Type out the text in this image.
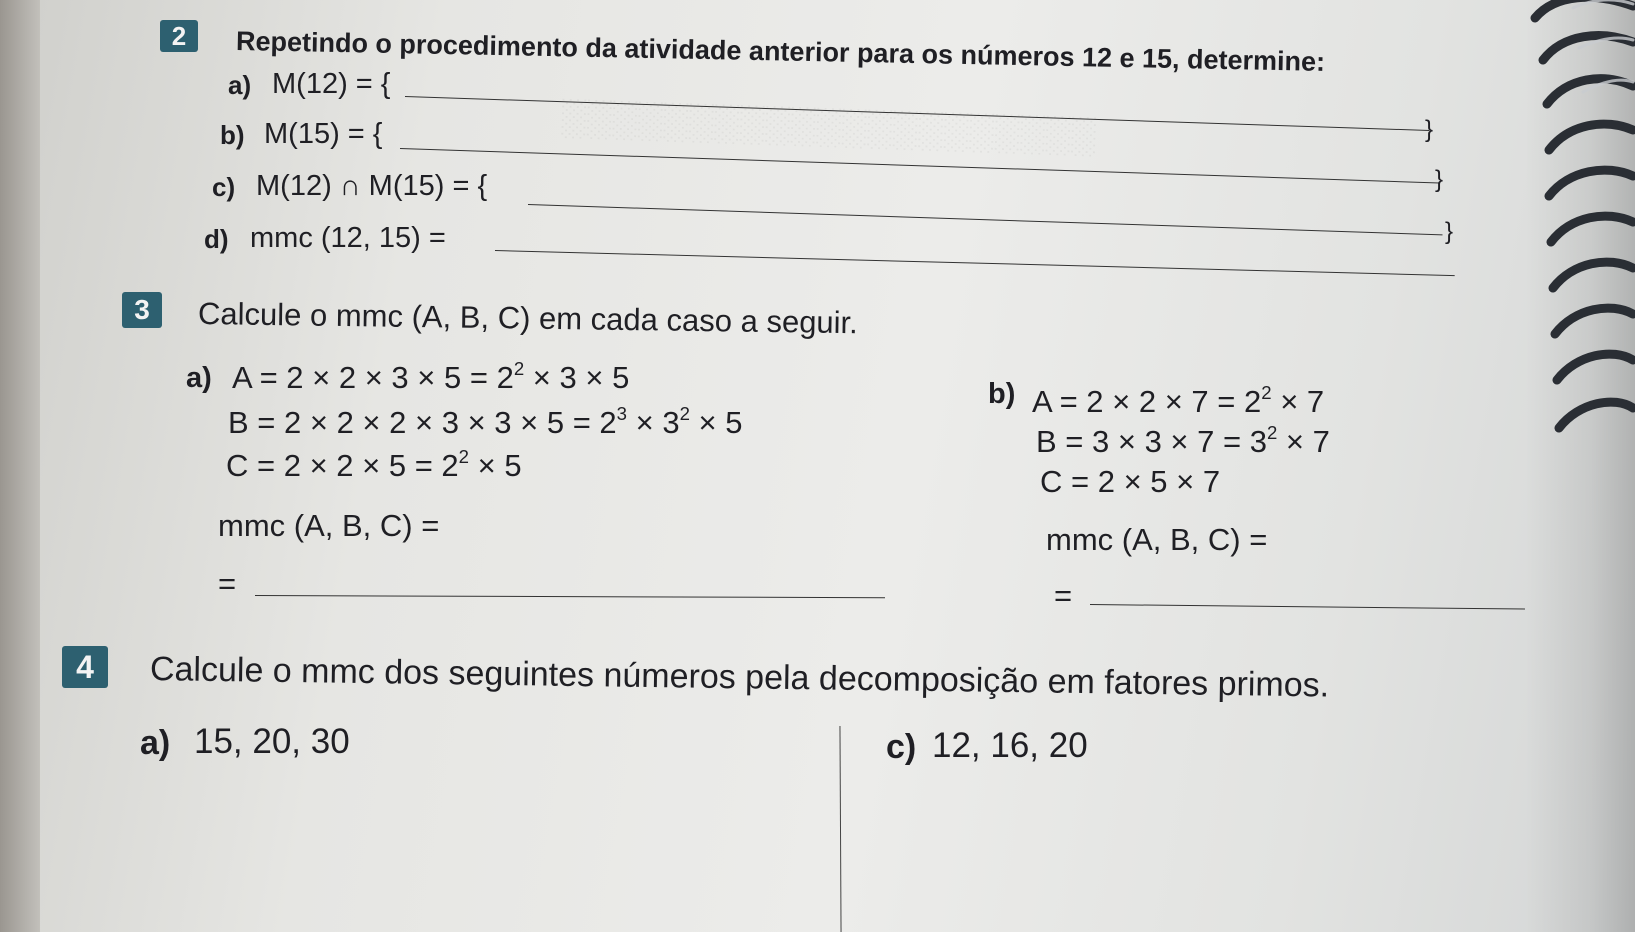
░░░░░░░░░░░░░░░░░░░░░
2	Repetindo o procedimento da atividade anterior para os números 12 e 15, determine:
a) M(12) = {
b) M(15) = {	}
c) M(12) ∩ M(15) = {	}
d) mmc (12, 15) =	}
3	Calcule o mmc (A, B, C) em cada caso a seguir.
a) $A = 2 \times 2 \times 3 \times 5 = 2^2 \times 3 \times 5$
$B = 2 \times 2 \times 2 \times 3 \times 3 \times 5 = 2^3 \times 3^2 \times 5$
$C = 2 \times 2 \times 5 = 2^2 \times 5$
mmc (A, B, C) =
=
b) $A = 2 \times 2 \times 7 = 2^2 \times 7$
$B = 3 \times 3 \times 7 = 3^2 \times 7$
C = 2 × 5 × 7
mmc (A, B, C) =
=
4	Calcule o mmc dos seguintes números pela decomposição em fatores primos.
a) 15, 20, 30	c) 12, 16, 20
